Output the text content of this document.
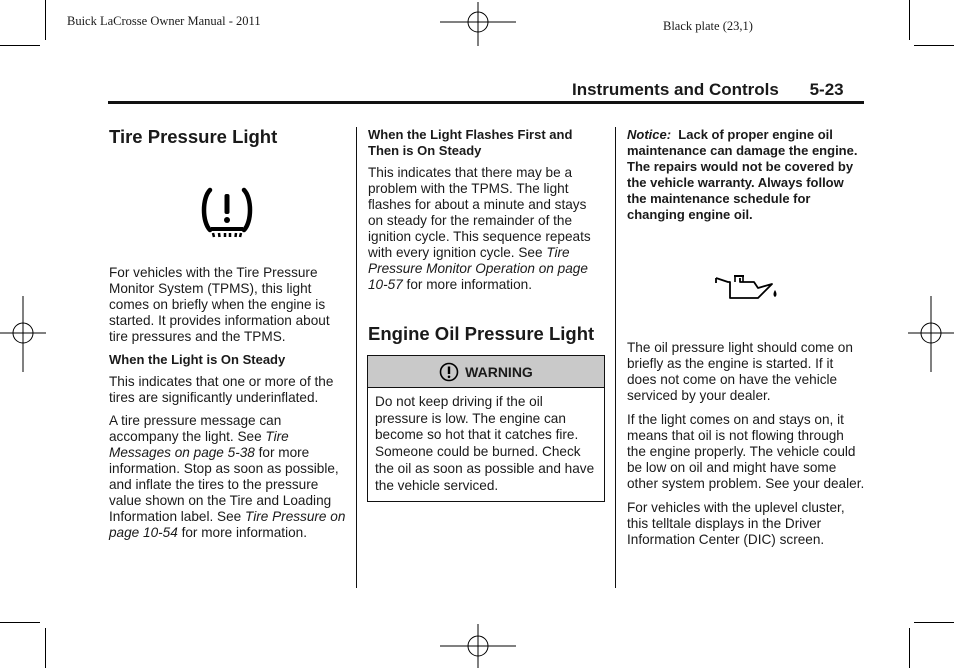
Buick LaCrosse Owner Manual - 2011	Black plate (23,1)
Instruments and Controls 5-23
Tire Pressure Light

For vehicles with the Tire Pressure Monitor System (TPMS), this light comes on briefly when the engine is started. It provides information about tire pressures and the TPMS.

When the Light is On Steady

This indicates that one or more of the tires are significantly underinflated.

A tire pressure message can accompany the light. See Tire Messages on page 5-38 for more information. Stop as soon as possible, and inflate the tires to the pressure value shown on the Tire and Loading Information label. See Tire Pressure on page 10-54 for more information.

When the Light Flashes First and Then is On Steady

This indicates that there may be a problem with the TPMS. The light flashes for about a minute and stays on steady for the remainder of the ignition cycle. This sequence repeats with every ignition cycle. See Tire Pressure Monitor Operation on page 10-57 for more information.

Engine Oil Pressure Light
WARNING

Do not keep driving if the oil pressure is low. The engine can become so hot that it catches fire. Someone could be burned. Check the oil as soon as possible and have the vehicle serviced.

Notice: Lack of proper engine oil maintenance can damage the engine. The repairs would not be covered by the vehicle warranty. Always follow the maintenance schedule for changing engine oil.

The oil pressure light should come on briefly as the engine is started. If it does not come on have the vehicle serviced by your dealer.

If the light comes on and stays on, it means that oil is not flowing through the engine properly. The vehicle could be low on oil and might have some other system problem. See your dealer.

For vehicles with the uplevel cluster, this telltale displays in the Driver Information Center (DIC) screen.
